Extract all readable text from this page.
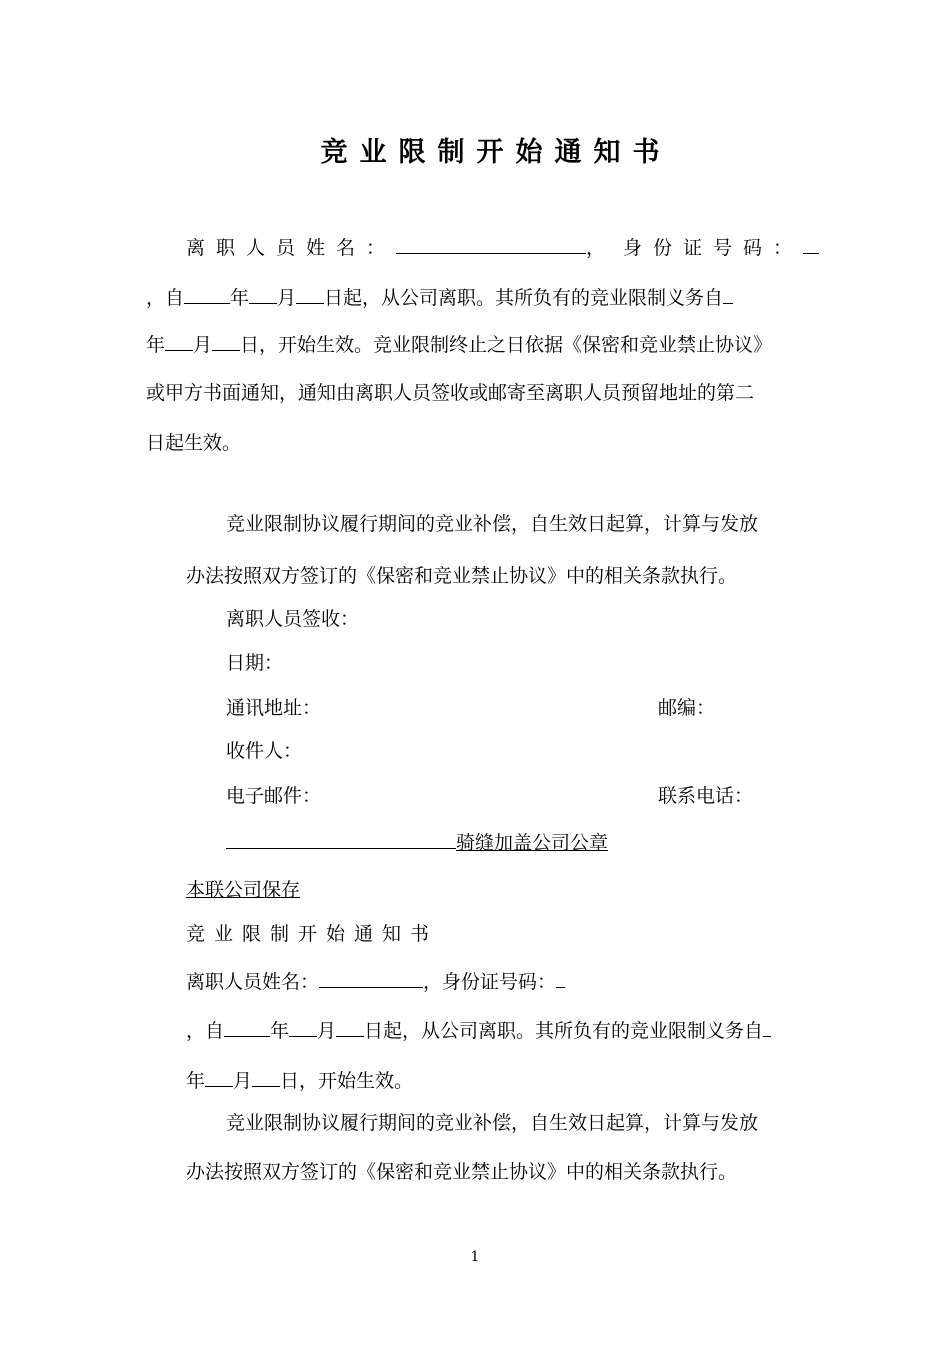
竞业限制开始通知书
离职人员姓名：	， 身份证号码：
，自 年 月 日起，从公司离职。其所负有的竞业限制义务自
年 月 日，开始生效。竞业限制终止之日依据《保密和竞业禁止协议》
或甲方书面通知，通知由离职人员签收或邮寄至离职人员预留地址的第二
日起生效。
竞业限制协议履行期间的竞业补偿，自生效日起算，计算与发放
办法按照双方签订的《保密和竞业禁止协议》中的相关条款执行。
离职人员签收：
日期：
通讯地址：	邮编：
收件人：
电子邮件：	联系电话：
骑缝加盖公司公章
本联公司保存
竞业限制开始通知书
离职人员姓名：	，身份证号码：
，自 年 月 日起，从公司离职。其所负有的竞业限制义务自
年 月 日，开始生效。
竞业限制协议履行期间的竞业补偿，自生效日起算，计算与发放
办法按照双方签订的《保密和竞业禁止协议》中的相关条款执行。
1
